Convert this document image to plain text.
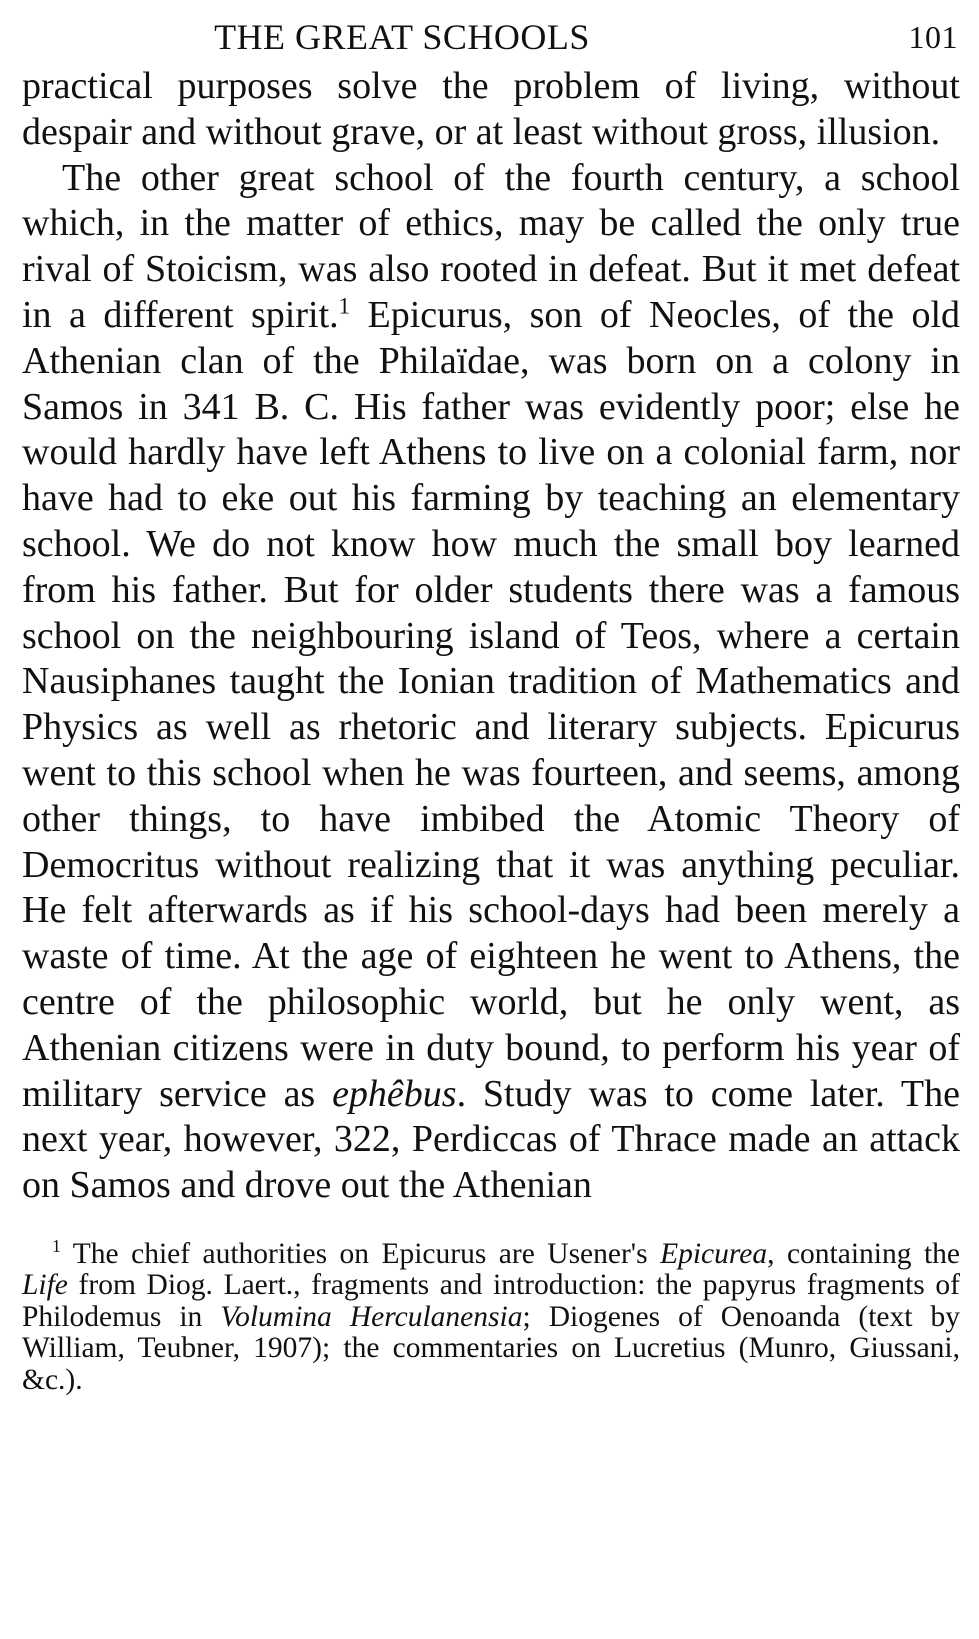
THE GREAT SCHOOLS	101

practical purposes solve the problem of living, without despair and without grave, or at least without gross, illusion.

The other great school of the fourth century, a school which, in the matter of ethics, may be called the only true rival of Stoicism, was also rooted in defeat. But it met defeat in a different spirit.$^1$ Epicurus, son of Neocles, of the old Athenian clan of the Philaïdae, was born on a colony in Samos in 341 B. C. His father was evidently poor; else he would hardly have left Athens to live on a colonial farm, nor have had to eke out his farming by teaching an elementary school. We do not know how much the small boy learned from his father. But for older students there was a famous school on the neighbouring island of Teos, where a certain Nausiphanes taught the Ionian tradition of Mathematics and Physics as well as rhetoric and literary subjects. Epicurus went to this school when he was fourteen, and seems, among other things, to have imbibed the Atomic Theory of Democritus without realizing that it was anything peculiar. He felt afterwards as if his school-days had been merely a waste of time. At the age of eighteen he went to Athens, the centre of the philosophic world, but he only went, as Athenian citizens were in duty bound, to perform his year of military service as ephêbus. Study was to come later. The next year, however, 322, Perdiccas of Thrace made an attack on Samos and drove out the Athenian

$^1$ The chief authorities on Epicurus are Usener's Epicurea, containing the Life from Diog. Laert., fragments and introduction: the papyrus fragments of Philodemus in Volumina Herculanensia; Diogenes of Oenoanda (text by William, Teubner, 1907); the commentaries on Lucretius (Munro, Giussani, &c.).
